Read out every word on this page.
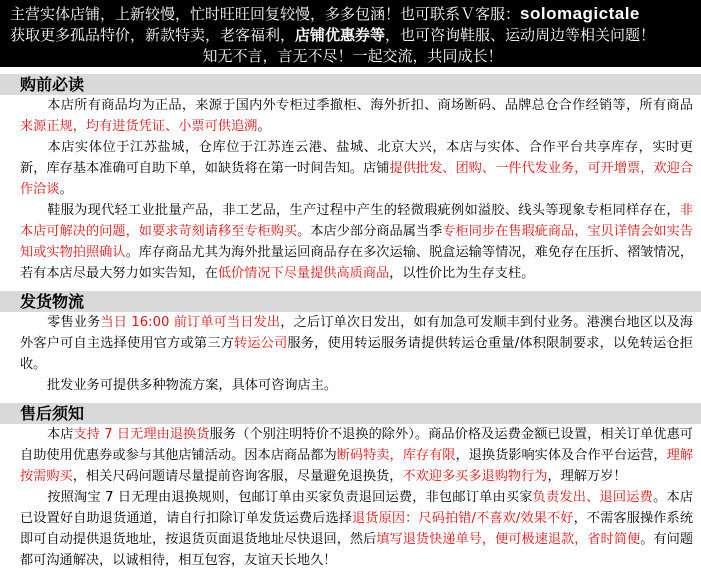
主营实体店铺，上新较慢，忙时旺旺回复较慢，多多包涵！也可联系Ｖ客服：solomagictale
获取更多孤品特价，新款特卖，老客福利，店铺优惠券等，也可咨询鞋服、运动周边等相关问题！
知无不言，言无不尽！一起交流，共同成长！
购前必读
本店所有商品均为正品，来源于国内外专柜过季撤柜、海外折扣、商场断码、品牌总仓合作经销等，所有商品来源正规，均有进货凭证、小票可供追溯。
本店实体位于江苏盐城，仓库位于江苏连云港、盐城、北京大兴，本店与实体、合作平台共享库存，实时更新，库存基本准确可自助下单，如缺货将在第一时间告知。店铺提供批发、团购、一件代发业务，可开增票，欢迎合作洽谈。
鞋服为现代轻工业批量产品，非工艺品，生产过程中产生的轻微瑕疵例如溢胶、线头等现象专柜同样存在，非本店可解决的问题，如要求苛刻请移至专柜购买。本店少部分商品属当季专柜同步在售瑕疵商品，宝贝详情会如实告知或实物拍照确认。库存商品尤其为海外批量运回商品存在多次运输、脱盒运输等情况，难免存在压折、褶皱情况，若有本店尽最大努力如实告知，在低价情况下尽量提供高质商品，以性价比为生存支柱。
发货物流
零售业务当日 16:00 前订单可当日发出，之后订单次日发出，如有加急可发顺丰到付业务。港澳台地区以及海外客户可自主选择使用官方或第三方转运公司服务，使用转运服务请提供转运仓重量/体积限制要求，以免转运仓拒收。
批发业务可提供多种物流方案，具体可咨询店主。
售后须知
本店支持 7 日无理由退换货服务（个别注明特价不退换的除外）。商品价格及运费金额已设置，相关订单优惠可自助使用优惠券或参与其他店铺活动。因本店商品都为断码特卖，库存有限，退换货影响实体及合作平台运营，理解按需购买，相关尺码问题请尽量提前咨询客服，尽量避免退换货，不欢迎多买多退购物行为，理解万岁！
按照淘宝 7 日无理由退换规则，包邮订单由买家负责退回运费，非包邮订单由买家负责发出、退回运费。本店已设置好自助退货通道，请自行扣除订单发货运费后选择退货原因：尺码拍错/不喜欢/效果不好，不需客服操作系统即可自动提供退货地址，按退货页面退货地址尽快退回，然后填写退货快递单号，便可极速退款，省时简便。有问题都可沟通解决，以诚相待，相互包容，友谊天长地久！
